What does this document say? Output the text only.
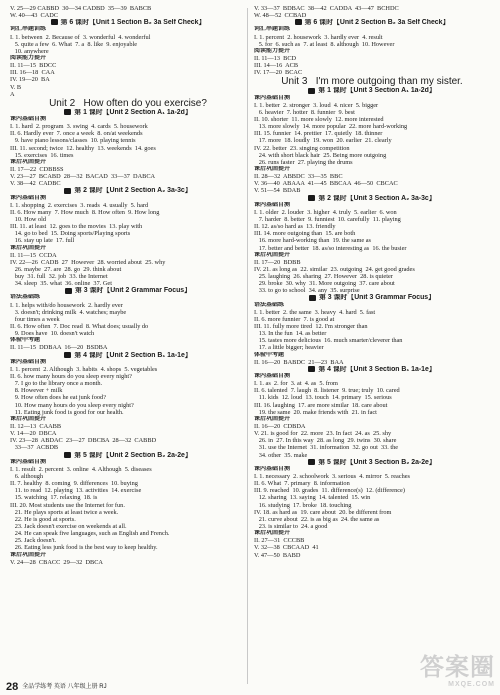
V. 25—29 CABBD  30—34 CADBD  35—39  BABCB
W. 40—43  CADC
第 6 课时【Unit 1 Section B₂ 3a Self Check】
词汇串题训练
I. 1. between  2. Because of  3. wonderful  4. wonderful
5. quite a few  6. What  7. a  8. like  9. enjoyable
10. anywhere
阅读能力提升
II. 11—15  BDCC
III. 16—18  CAA
IV. 19—20  BA
V. B
A
Unit 2   How often do you exercise?
第 1 课时【Unit 2 Section A₁ 1a-2d】
课内基础自测
I. 1. hard  2. program  3. swing  4. cards  5. housework
II. 6. Hardly ever  7. once a week  8. on/at weekends
9. have piano lessons/classes  10. playing tennis
III. 11. second; twice  12. healthy  13. weekends  14. goes
15. exercises  16. times
课后巩固提升
II. 17—22  CDBBSS
V. 23—27  BCABD  28—32  BACAD  33—37  DABCA
V. 38—42  CADBC
第 2 课时【Unit 2 Section A₂ 3a-3c】
课内基础自测
I. 1. shopping  2. exercises  3. reads  4. usually  5. hard
II. 6. How many  7. How much  8. How often  9. How long
10. How old
III. 11. at least  12. goes to the movies  13. play with
14. go to bed  15. Doing sports/Playing sports
16. stay up late  17. full
课后巩固提升
II. 11—15  CCDA
IV. 22—26  CADB  27  However  28. worried about  25. why
26. maybe  27. are  28. go  29. think about
buy  31. full  32. job  33. the Internet
34. sleep  35. what  36. online  37. Get
第 3 课时【Unit 2 Grammar Focus】
语法基础练
I. 1. helps with/do housework  2. hardly ever
3. doesn't; drinking milk  4. watches; maybe
four times a week
II. 6. How often  7. Doc read  8. What does; usually do
9. Does have  10. doesn't watch
体验中考题
II. 11—15  DDBAA  16—20  BSDBA
第 4 课时【Unit 2 Section B₁ 1a-1e】
课内基础自测
I. 1. percent  2. Although  3. habits  4. shops  5. vegetables
II. 6. how many hours do you sleep every night?
7. I go to the library once a month.
8. However + milk
9. How often does he eat junk food?
10. How many hours do you sleep every night?
11. Eating junk food is good for our health.
课后巩固提升
II. 12—13  CAABB
V. 14—20  DBCA
IV. 23—28  ABDAC  23—27  DBCBA  28—32  CABBD
33—37  ACBDB
第 5 课时【Unit 2 Section B₂ 2a-2e】
课内基础自测
I. 1. result  2. percent  3. online  4. Although  5. diseases
6. although
II. 7. healthy  8. coming  9. differences  10. buying
11. to read  12. playing  13. activities  14. exercise
15. watching  17. relaxing  18. is
III. 20. Most students use the Internet for fun.
21. He plays sports at least twice a week.
22. He is good at sports.
23. Jack doesn't exercise on weekends at all.
24. He can speak five languages, such as English and French.
25. Jack doesn't.
26. Eating less junk food is the best way to keep healthy.
课后巩固提升
V. 24—28  CBACC  29—32  DBCA
V. 33—37  BDBAC  38—42  CADDA  43—47  BCHDC
W. 48—52  CCBAD
第 6 课时【Unit 2 Section B₂ 3a Self Check】
词汇串题训练
I. 1. percent  2. housework  3. hardly ever  4. result
5. for  6. such as  7. at least  8. although  10. However
阅读能力提升
II. 11—13  BCD
III. 14—16  ACB
IV. 17—20  BCAC
Unit 3   I'm more outgoing than my sister.
第 1 课时【Unit 3 Section A₁ 1a-2d】
课内基础自测
I. 1. better  2. stronger  3. loud  4. nicer  5. bigger
6. heavier  7. hotter  8. funnier  9. best
II. 10. shorter  11. more slowly  12. more interested
13. more slowly  14. more popular  22. more hard-working
III. 15. funnier  14. prettier  17. quietly  18. thinner
17. more  18. loudly  19. won  20. earlier  21. clearly
IV. 22. better  23. singing competition
24. with short black hair  25. Being more outgoing
26. runs faster  27. playing the drums
课后巩固提升
II. 28—32  ABBDC  33—35  BBC
V. 36—40  ABAAA  41—45  BBCAA  46—50  CBCAC
V. 51—54  BDAB
第 2 课时【Unit 3 Section A₂ 3a-3c】
课内基础自测
I. 1. older  2. louder  3. higher  4. truly  5. earlier  6. won
7. harder  8. better  9. funniest  10. carefully  11. playing
II. 12. as/so hard as  13. friendly
III. 14. more outgoing than  15. are both
16. more hard-working than  19. the same as
17. better and better  18. as/so interesting as  16. the busier
课后巩固提升
II. 17—20  BDBB
IV. 21. as long as  22. similar  23. outgoing  24. get good grades
25. laughing  26. sharing  27. However  28. is quieter
29. broke  30. why  31. More outgoing  37. care about
33. to go to school  34. any  35. surprise
第 3 课时【Unit 3 Grammar Focus】
语法基础练
I. 1. better  2. the same  3. heavy  4. hard  5. fast
II. 6. more funnier  7. is good at
III. 11. fully more tired  12. I'm stronger than
13. In the fun  14. as better
15. tastes more delicious  16. much smarter/cleverer than
17. a little bigger; heavier
体验中考题
II. 16—20  BABDC  21—23  BAA
第 4 课时【Unit 3 Section B₁ 1a-1e】
课内基础自测
I. 1. as  2. for  3. at  4. as  5. from
II. 6. talented  7. laugh  8. listener  9. true; truly  10. cared
11. kids  12. loud  13. touch  14. primary  15. serious
III. 16. laughing  17. are more similar  18. care about
19. the same  20. make friends with  21. in fact
课后巩固提升
II. 16—20  CDBDA
V. 21. is good for  22. more  23. In fact  24. as  25. shy
26. in  27. In this way  28. as long  29. twins  30. share
31. use the Internet  31. information  32. go out  33. the
34. other  35. make
第 5 课时【Unit 3 Section B₂ 2a-2e】
课内基础自测
I. 1. necessary  2. schoolwork  3. serious  4. mirror  5. reaches
II. 6. What  7. primary  8. information
III. 9. reached  10. grades  11. difference(s)  12. (difference)
12. sharing  13. saying  14. talented  15. win
16. studying  17. broke  18. touching
IV. 18. as hard as  19. care about  20. be different from
21. curve about  22. is as big as  24. the same as
23. is similar to  24. a good
课后巩固提升
II. 27—31  CCCBB
V. 32—38  CBCAAD  41
V. 47—50  BABD
28 全品学练考 英语 八年级上册 RJ
答案圈
MXQE.COM
